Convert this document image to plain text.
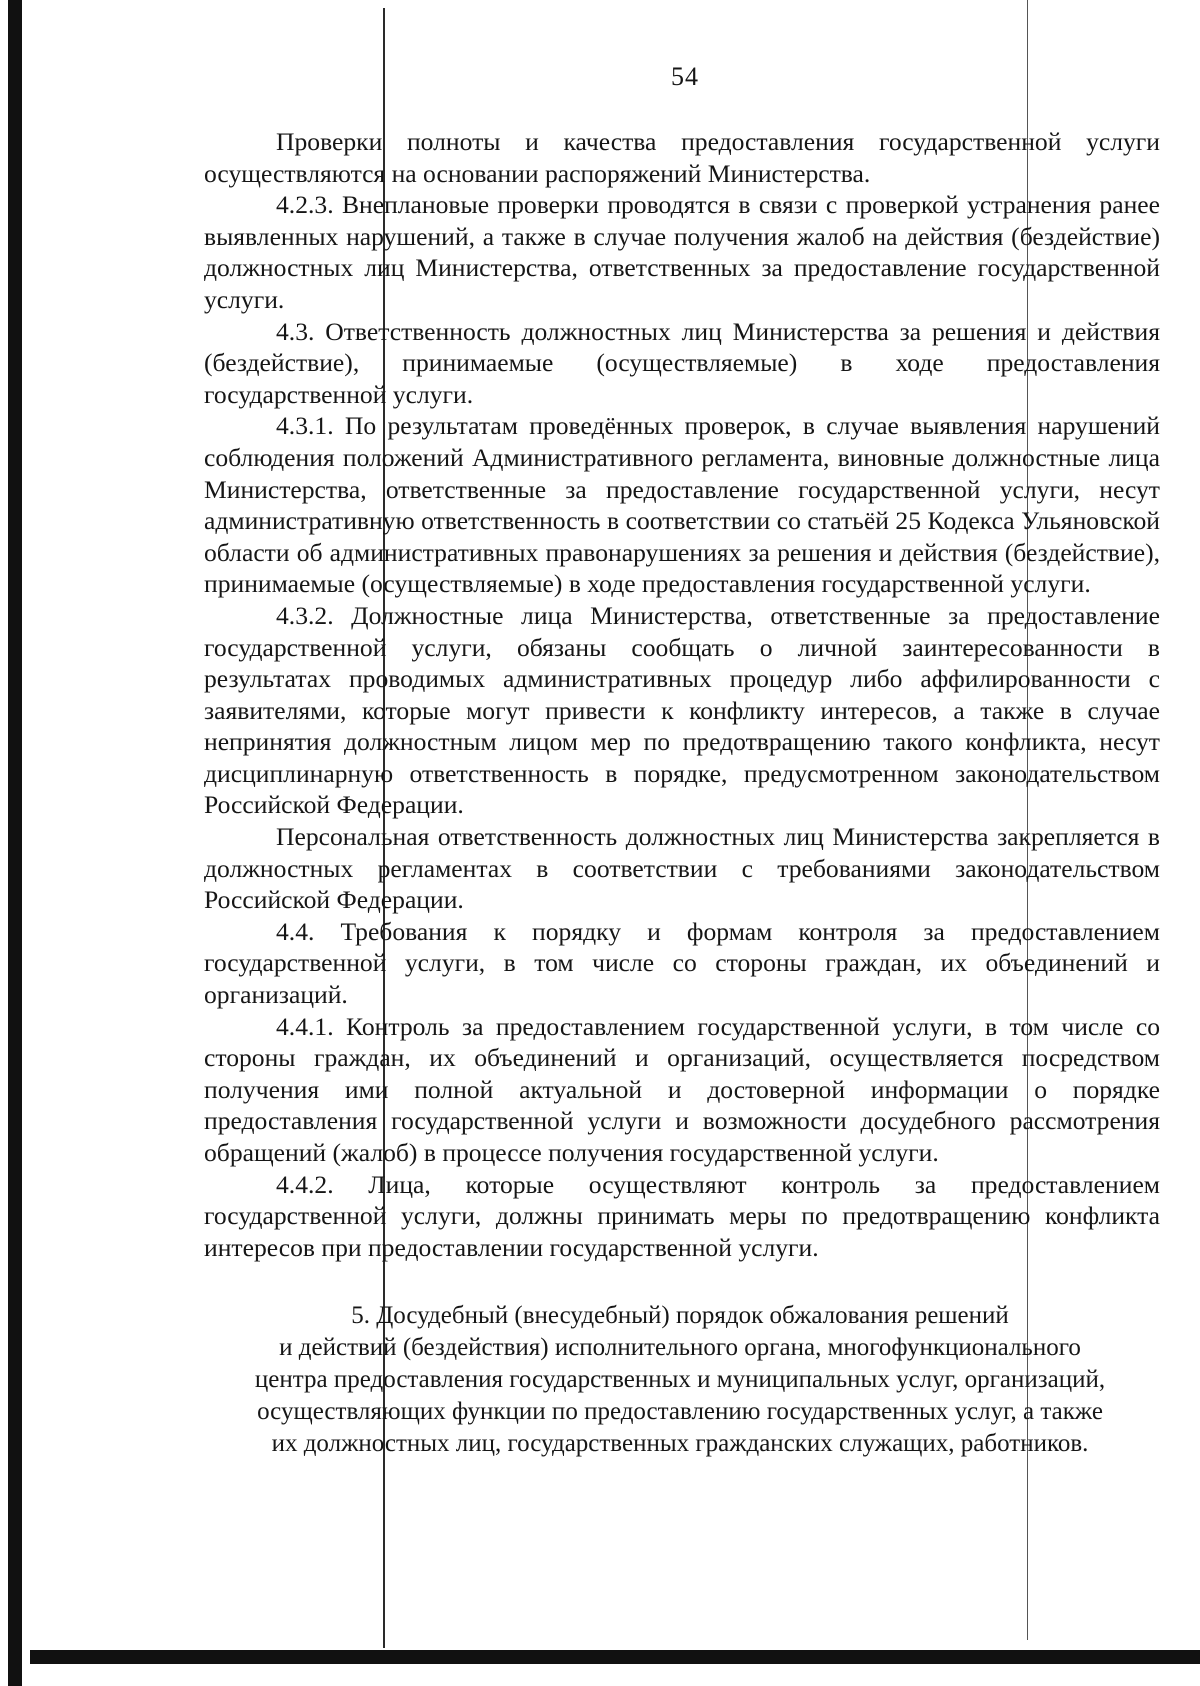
54

Проверки полноты и качества предоставления государственной услуги осуществляются на основании распоряжений Министерства.

4.2.3. Внеплановые проверки проводятся в связи с проверкой устранения ранее выявленных нарушений, а также в случае получения жалоб на действия (бездействие) должностных лиц Министерства, ответственных за предоставление государственной услуги.

4.3. Ответственность должностных лиц Министерства за решения и действия (бездействие), принимаемые (осуществляемые) в ходе предоставления государственной услуги.

4.3.1. По результатам проведённых проверок, в случае выявления нарушений соблюдения положений Административного регламента, виновные должностные лица Министерства, ответственные за предоставление государственной услуги, несут административную ответственность в соответствии со статьёй 25 Кодекса Ульяновской области об административных правонарушениях за решения и действия (бездействие), принимаемые (осуществляемые) в ходе предоставления государственной услуги.

4.3.2. Должностные лица Министерства, ответственные за предоставление государственной услуги, обязаны сообщать о личной заинтересованности в результатах проводимых административных процедур либо аффилированности с заявителями, которые могут привести к конфликту интересов, а также в случае непринятия должностным лицом мер по предотвращению такого конфликта, несут дисциплинарную ответственность в порядке, предусмотренном законодательством Российской Федерации.

Персональная ответственность должностных лиц Министерства закрепляется в должностных регламентах в соответствии с требованиями законодательством Российской Федерации.

4.4. Требования к порядку и формам контроля за предоставлением государственной услуги, в том числе со стороны граждан, их объединений и организаций.

4.4.1. Контроль за предоставлением государственной услуги, в том числе со стороны граждан, их объединений и организаций, осуществляется посредством получения ими полной актуальной и достоверной информации о порядке предоставления государственной услуги и возможности досудебного рассмотрения обращений (жалоб) в процессе получения государственной услуги.

4.4.2. Лица, которые осуществляют контроль за предоставлением государственной услуги, должны принимать меры по предотвращению конфликта интересов при предоставлении государственной услуги.

5. Досудебный (внесудебный) порядок обжалования решений
и действий (бездействия) исполнительного органа, многофункционального
центра предоставления государственных и муниципальных услуг, организаций,
осуществляющих функции по предоставлению государственных услуг, а также
их должностных лиц, государственных гражданских служащих, работников.
